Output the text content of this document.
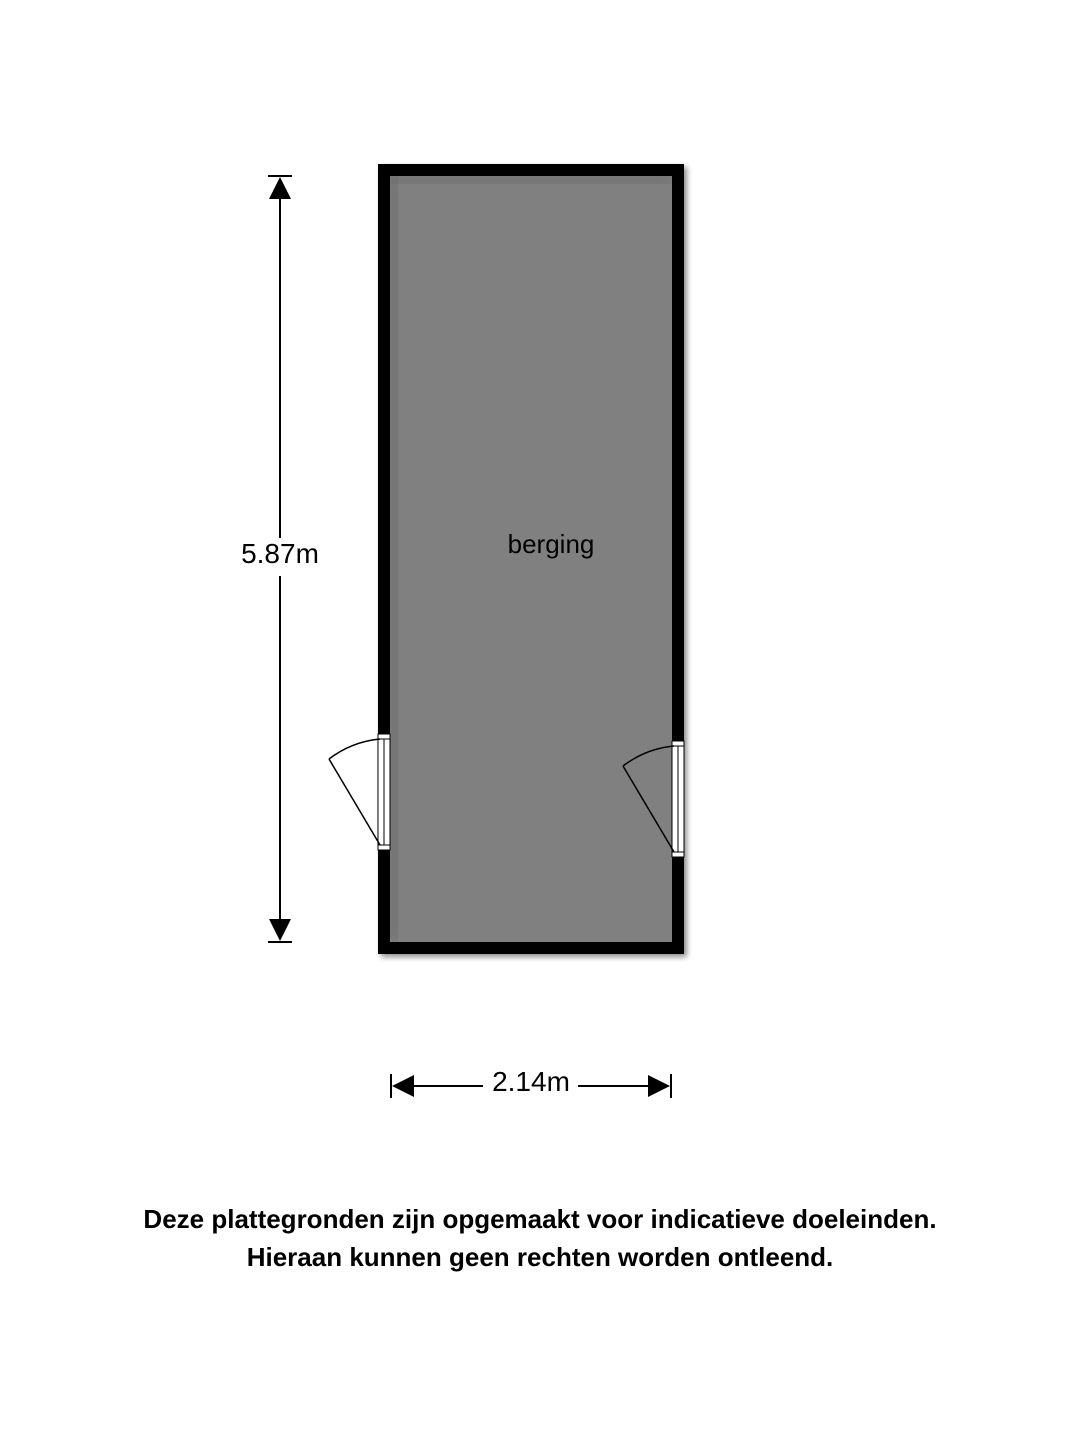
berging
5.87m
2.14m
Deze plattegronden zijn opgemaakt voor indicatieve doeleinden.
Hieraan kunnen geen rechten worden ontleend.
